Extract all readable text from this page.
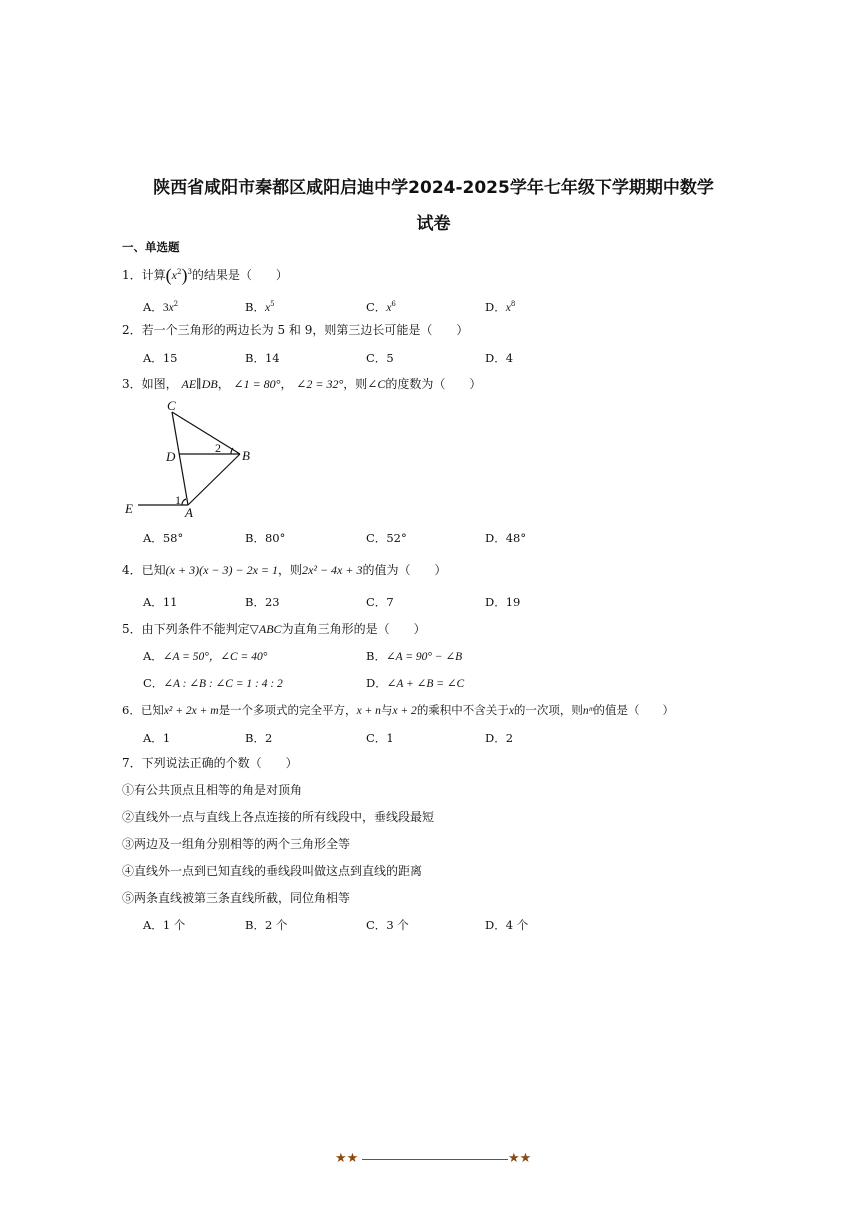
陕西省咸阳市秦都区咸阳启迪中学2024-2025学年七年级下学期期中数学
试卷
一、单选题
1．计算$(x^2)^3$的结果是（　　）
A．$3x^2$	B．$x^5$	C．$x^6$	D．$x^8$
2．若一个三角形的两边长为 5 和 9，则第三边长可能是（　　）
A．15	B．14	C．5	D．4
3．如图， AE∥DB， ∠1 = 80°， ∠2 = 32°，则∠C的度数为（　　）
C
D	B
E	A
1
2
A．58°	B．80°	C．52°	D．48°
4．已知(x + 3)(x − 3) − 2x = 1，则2x² − 4x + 3的值为（　　）
A．11	B．23	C．7	D．19
5．由下列条件不能判定▽ABC为直角三角形的是（　　）
A．∠A = 50°，∠C = 40°	B．∠A = 90° − ∠B
C．∠A : ∠B : ∠C = 1 : 4 : 2	D．∠A + ∠B = ∠C
6．已知x² + 2x + m是一个多项式的完全平方，x + n与x + 2的乘积中不含关于x的一次项，则nᵐ的值是（　　）
A．1	B．2	C．1	D．2
7．下列说法正确的个数（　　）
①有公共顶点且相等的角是对顶角
②直线外一点与直线上各点连接的所有线段中，垂线段最短
③两边及一组角分别相等的两个三角形全等
④直线外一点到已知直线的垂线段叫做这点到直线的距离
⑤两条直线被第三条直线所截，同位角相等
A．1 个	B．2 个	C．3 个	D．4 个
★★	★★
